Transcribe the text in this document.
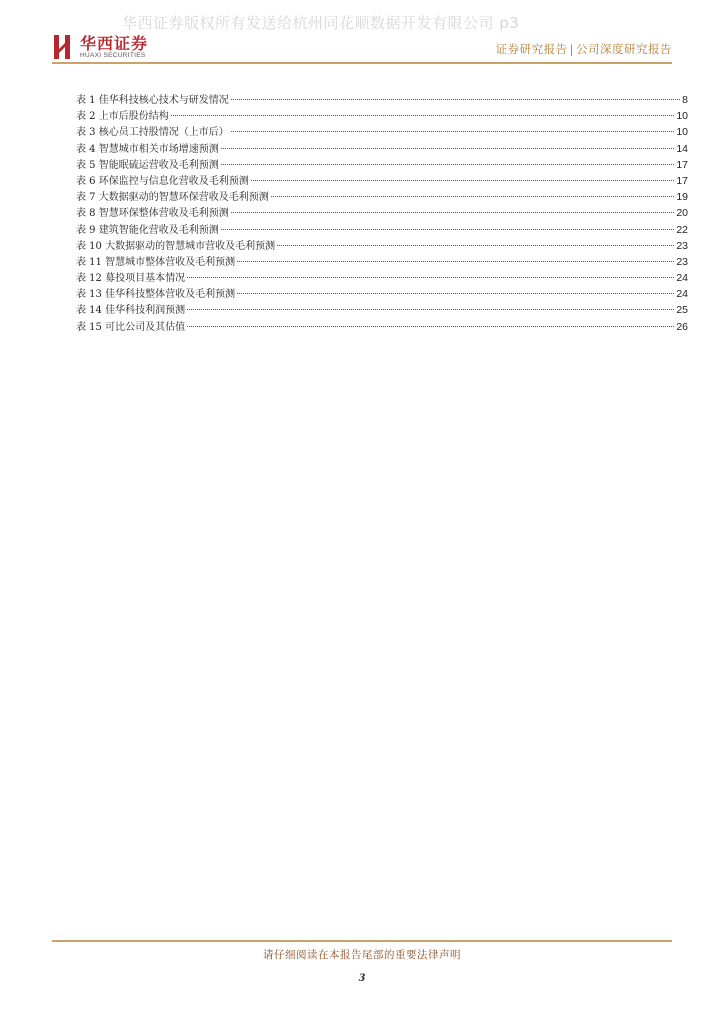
华西证券版权所有发送给杭州同花顺数据开发有限公司 p3
华西证券
HUAXI SECURITIES	证券研究报告 | 公司深度研究报告
表 1 佳华科技核心技术与研发情况	8
表 2 上市后股份结构	10
表 3 核心员工持股情况（上市后）	10
表 4 智慧城市相关市场增速预测	14
表 5 智能眠硫运营收及毛利预测	17
表 6 环保监控与信息化营收及毛利预测	17
表 7 大数据驱动的智慧环保营收及毛利预测	19
表 8 智慧环保整体营收及毛利预测	20
表 9 建筑智能化营收及毛利预测	22
表 10 大数据驱动的智慧城市营收及毛利预测	23
表 11 智慧城市整体营收及毛利预测	23
表 12 募投项目基本情况	24
表 13 佳华科技整体营收及毛利预测	24
表 14 佳华科技利润预测	25
表 15 可比公司及其估值	26
请仔细阅读在本报告尾部的重要法律声明
3
